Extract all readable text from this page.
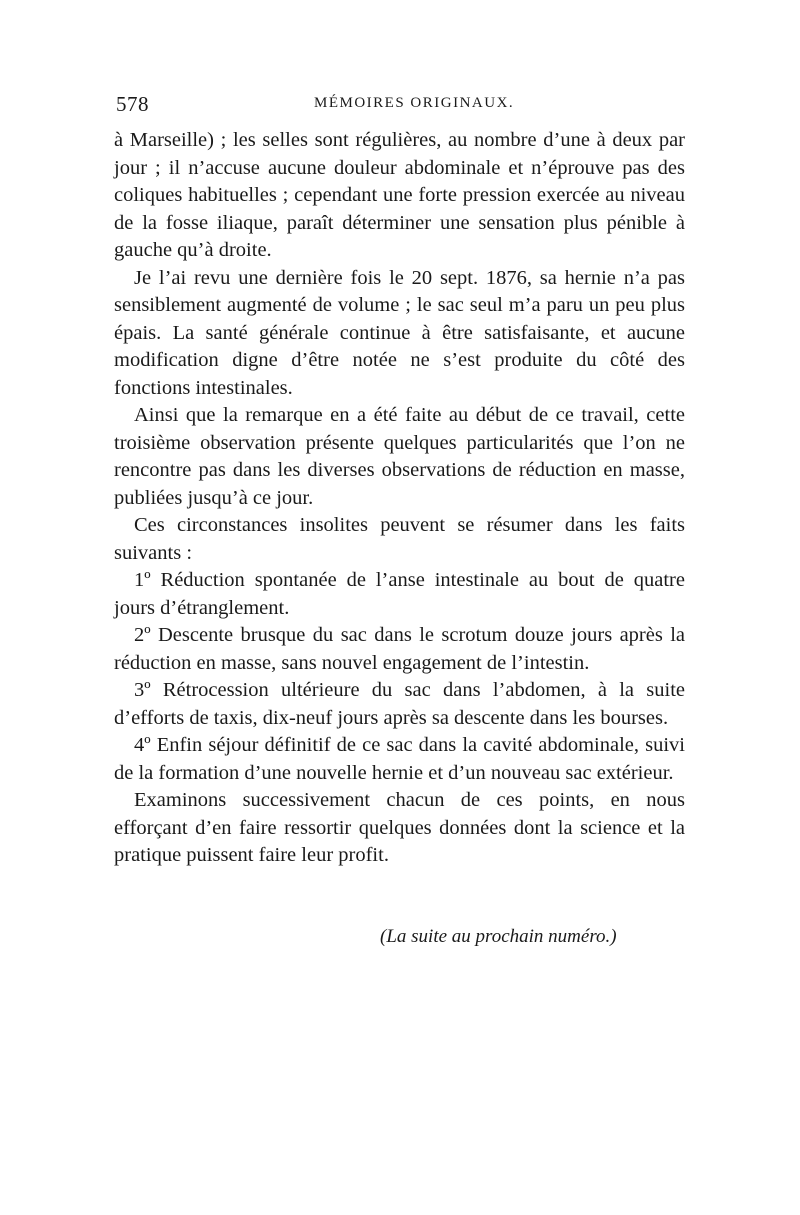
578	MÉMOIRES ORIGINAUX.

à Marseille) ; les selles sont régulières, au nombre d’une à deux par jour ; il n’accuse aucune douleur abdominale et n’éprouve pas des coliques habituelles ; cependant une forte pression exercée au niveau de la fosse iliaque, paraît déterminer une sensation plus pénible à gauche qu’à droite.

Je l’ai revu une dernière fois le 20 sept. 1876, sa hernie n’a pas sensiblement augmenté de volume ; le sac seul m’a paru un peu plus épais. La santé générale continue à être satisfaisante, et aucune modification digne d’être notée ne s’est produite du côté des fonctions intestinales.

Ainsi que la remarque en a été faite au début de ce travail, cette troisième observation présente quelques particularités que l’on ne rencontre pas dans les diverses observations de réduction en masse, publiées jusqu’à ce jour.

Ces circonstances insolites peuvent se résumer dans les faits suivants :

1º Réduction spontanée de l’anse intestinale au bout de quatre jours d’étranglement.

2º Descente brusque du sac dans le scrotum douze jours après la réduction en masse, sans nouvel engagement de l’intestin.

3º Rétrocession ultérieure du sac dans l’abdomen, à la suite d’efforts de taxis, dix-neuf jours après sa descente dans les bourses.

4º Enfin séjour définitif de ce sac dans la cavité abdominale, suivi de la formation d’une nouvelle hernie et d’un nouveau sac extérieur.

Examinons successivement chacun de ces points, en nous efforçant d’en faire ressortir quelques données dont la science et la pratique puissent faire leur profit.

(La suite au prochain numéro.)
